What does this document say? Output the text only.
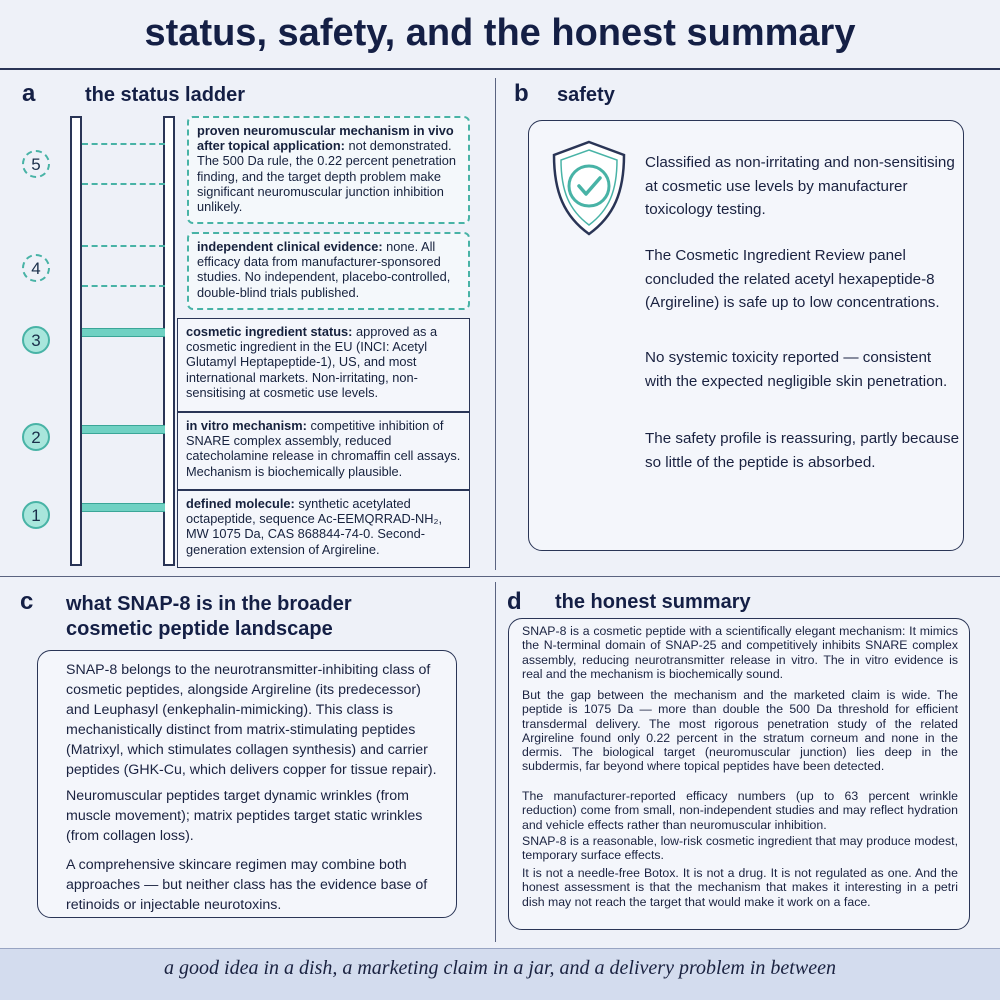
status, safety, and the honest summary
a the status ladder
5
4
3
2
1
proven neuromuscular mechanism in vivo after topical application: not demonstrated. The 500 Da rule, the 0.22 percent penetration finding, and the target depth problem make significant neuromuscular junction inhibition unlikely.
independent clinical evidence: none. All efficacy data from manufacturer-sponsored studies. No independent, placebo-controlled, double-blind trials published.
cosmetic ingredient status: approved as a cosmetic ingredient in the EU (INCI: Acetyl Glutamyl Heptapeptide-1), US, and most international markets. Non-irritating, non-sensitising at cosmetic use levels.
in vitro mechanism: competitive inhibition of SNARE complex assembly, reduced catecholamine release in chromaffin cell assays. Mechanism is biochemically plausible.
defined molecule: synthetic acetylated octapeptide, sequence Ac-EEMQRRAD-NH₂, MW 1075 Da, CAS 868844-74-0. Second-generation extension of Argireline.
b safety
Classified as non-irritating and non-sensitising at cosmetic use levels by manufacturer toxicology testing.
The Cosmetic Ingredient Review panel concluded the related acetyl hexapeptide-8 (Argireline) is safe up to low concentrations.
No systemic toxicity reported — consistent with the expected negligible skin penetration.
The safety profile is reassuring, partly because so little of the peptide is absorbed.
c what SNAP-8 is in the broader
cosmetic peptide landscape
SNAP-8 belongs to the neurotransmitter-inhibiting class of cosmetic peptides, alongside Argireline (its predecessor) and Leuphasyl (enkephalin-mimicking). This class is mechanistically distinct from matrix-stimulating peptides (Matrixyl, which stimulates collagen synthesis) and carrier peptides (GHK-Cu, which delivers copper for tissue repair).
Neuromuscular peptides target dynamic wrinkles (from muscle movement); matrix peptides target static wrinkles (from collagen loss).
A comprehensive skincare regimen may combine both approaches — but neither class has the evidence base of retinoids or injectable neurotoxins.
d the honest summary
SNAP-8 is a cosmetic peptide with a scientifically elegant mechanism: It mimics the N-terminal domain of SNAP-25 and competitively inhibits SNARE complex assembly, reducing neurotransmitter release in vitro. The in vitro evidence is real and the mechanism is biochemically sound.
But the gap between the mechanism and the marketed claim is wide. The peptide is 1075 Da — more than double the 500 Da threshold for efficient transdermal delivery. The most rigorous penetration study of the related Argireline found only 0.22 percent in the stratum corneum and none in the dermis. The biological target (neuromuscular junction) lies deep in the subdermis, far beyond where topical peptides have been detected.
The manufacturer-reported efficacy numbers (up to 63 percent wrinkle reduction) come from small, non-independent studies and may reflect hydration and vehicle effects rather than neuromuscular inhibition.
SNAP-8 is a reasonable, low-risk cosmetic ingredient that may produce modest, temporary surface effects.
It is not a needle-free Botox. It is not a drug. It is not regulated as one. And the honest assessment is that the mechanism that makes it interesting in a petri dish may not reach the target that would make it work on a face.
a good idea in a dish, a marketing claim in a jar, and a delivery problem in between
